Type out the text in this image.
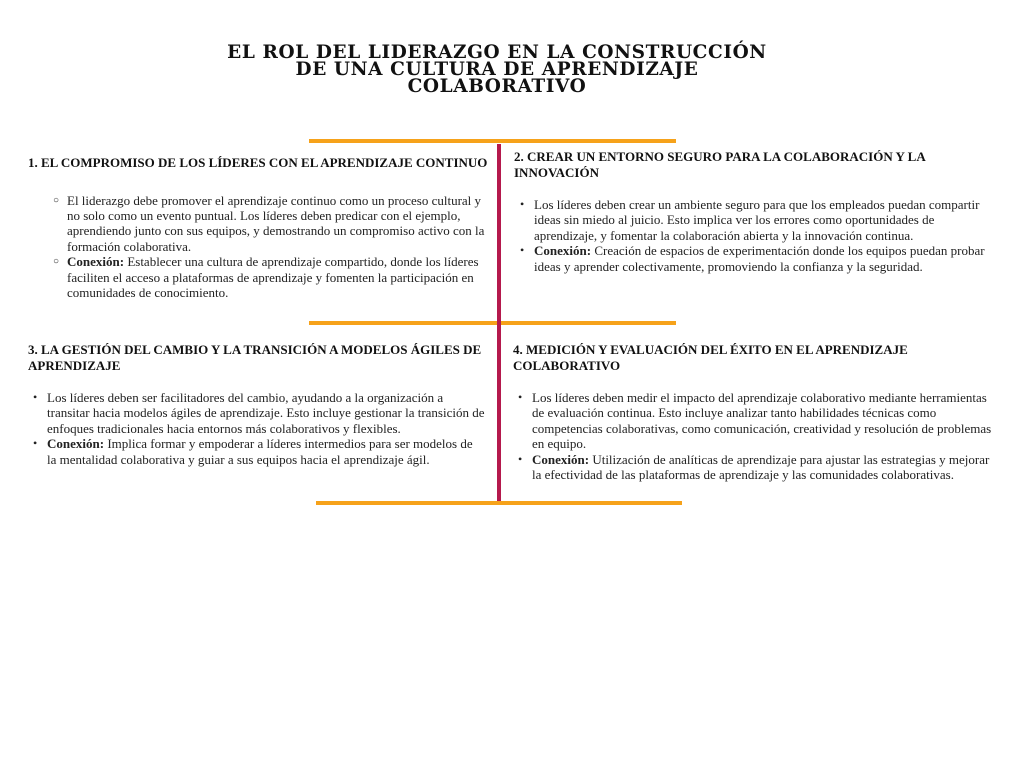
EL ROL DEL LIDERAZGO EN LA CONSTRUCCIÓN
DE UNA CULTURA DE APRENDIZAJE
COLABORATIVO
1. EL COMPROMISO DE LOS LÍDERES CON EL APRENDIZAJE CONTINUO
○ El liderazgo debe promover el aprendizaje continuo como un proceso cultural y no solo como un evento puntual. Los líderes deben predicar con el ejemplo, aprendiendo junto con sus equipos, y demostrando un compromiso activo con la formación colaborativa.
○ Conexión: Establecer una cultura de aprendizaje compartido, donde los líderes faciliten el acceso a plataformas de aprendizaje y fomenten la participación en comunidades de conocimiento.
2. CREAR UN ENTORNO SEGURO PARA LA COLABORACIÓN Y LA INNOVACIÓN
• Los líderes deben crear un ambiente seguro para que los empleados puedan compartir ideas sin miedo al juicio. Esto implica ver los errores como oportunidades de aprendizaje, y fomentar la colaboración abierta y la innovación continua.
• Conexión: Creación de espacios de experimentación donde los equipos puedan probar ideas y aprender colectivamente, promoviendo la confianza y la seguridad.
3. LA GESTIÓN DEL CAMBIO Y LA TRANSICIÓN A MODELOS ÁGILES DE APRENDIZAJE
• Los líderes deben ser facilitadores del cambio, ayudando a la organización a transitar hacia modelos ágiles de aprendizaje. Esto incluye gestionar la transición de enfoques tradicionales hacia entornos más colaborativos y flexibles.
• Conexión: Implica formar y empoderar a líderes intermedios para ser modelos de la mentalidad colaborativa y guiar a sus equipos hacia el aprendizaje ágil.
4. MEDICIÓN Y EVALUACIÓN DEL ÉXITO EN EL APRENDIZAJE COLABORATIVO
• Los líderes deben medir el impacto del aprendizaje colaborativo mediante herramientas de evaluación continua. Esto incluye analizar tanto habilidades técnicas como competencias colaborativas, como comunicación, creatividad y resolución de problemas en equipo.
• Conexión: Utilización de analíticas de aprendizaje para ajustar las estrategias y mejorar la efectividad de las plataformas de aprendizaje y las comunidades colaborativas.
